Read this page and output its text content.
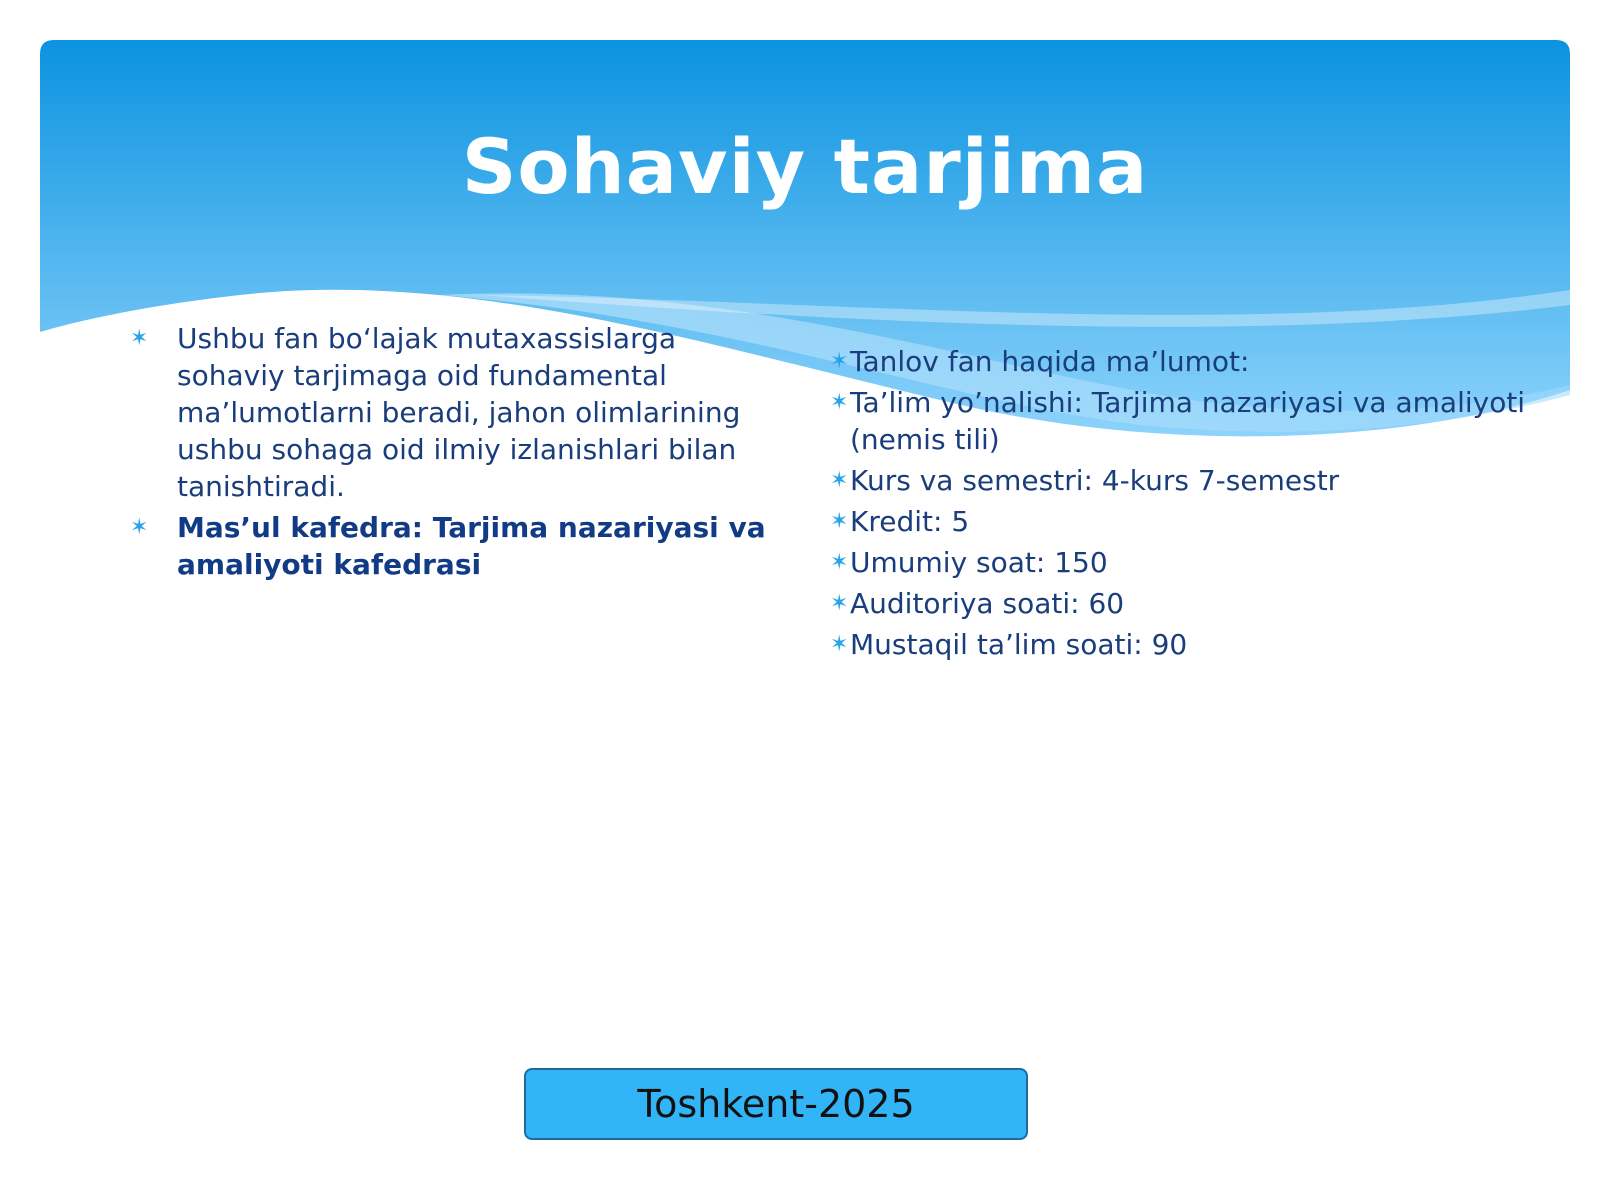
Sohaviy tarjima
✶ Ushbu fan bo‘lajak mutaxassislarga sohaviy tarjimaga oid fundamental ma’lumotlarni beradi, jahon olimlarining ushbu sohaga oid ilmiy izlanishlari bilan tanishtiradi.
✶ Mas’ul kafedra: Tarjima nazariyasi va amaliyoti kafedrasi
✶ Tanlov fan haqida ma’lumot:
✶ Ta’lim yo’nalishi: Tarjima nazariyasi va amaliyoti (nemis tili)
✶ Kurs va semestri: 4-kurs 7-semestr
✶ Kredit: 5
✶ Umumiy soat: 150
✶ Auditoriya soati: 60
✶ Mustaqil ta’lim soati: 90
Toshkent-2025
